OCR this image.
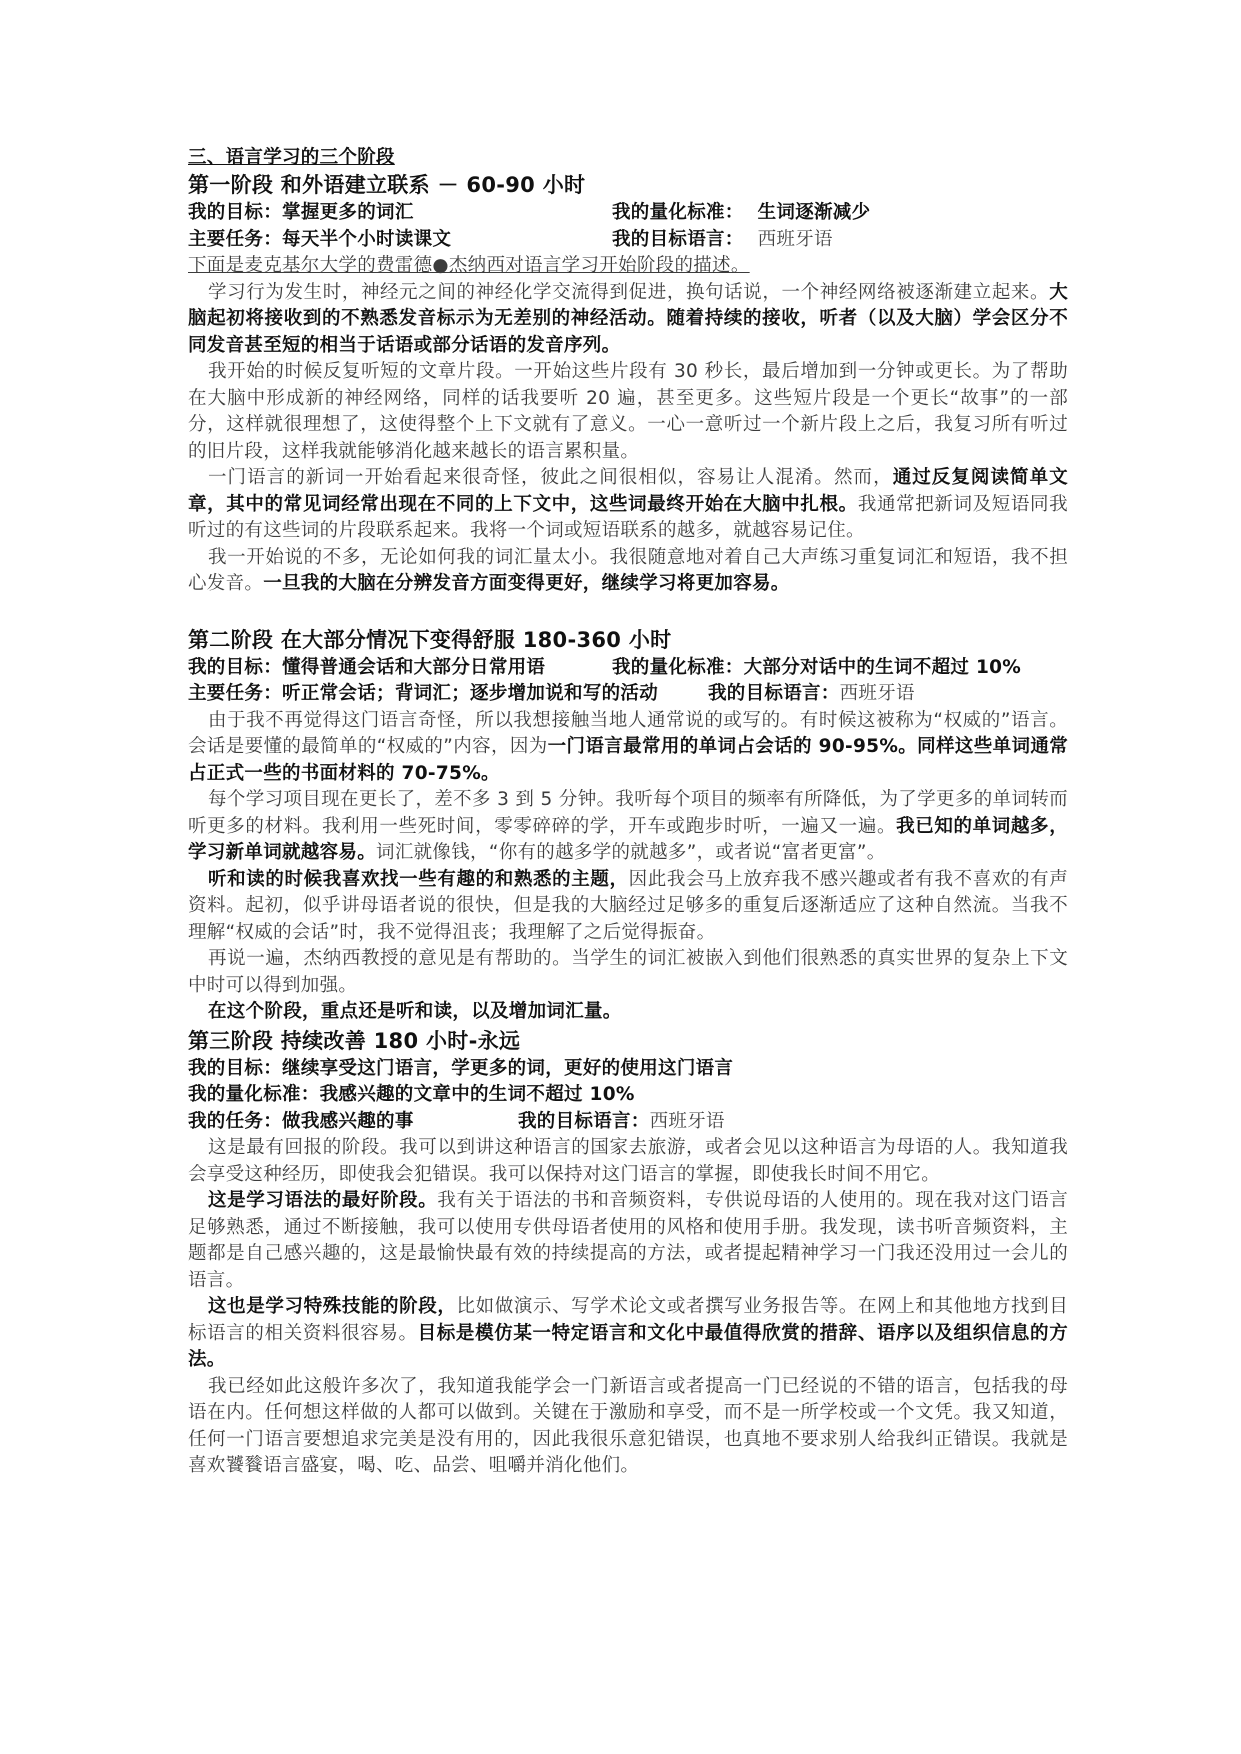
三、语言学习的三个阶段

第一阶段 和外语建立联系 － 60-90 小时

我的目标：掌握更多的词汇	我的量化标准： 生词逐渐减少
主要任务：每天半个小时读课文	我的目标语言： 西班牙语

下面是麦克基尔大学的费雷德●杰纳西对语言学习开始阶段的描述。

学习行为发生时，神经元之间的神经化学交流得到促进，换句话说，一个神经网络被逐渐建立起来。大脑起初将接收到的不熟悉发音标示为无差别的神经活动。随着持续的接收，听者（以及大脑）学会区分不同发音甚至短的相当于话语或部分话语的发音序列。

我开始的时候反复听短的文章片段。一开始这些片段有 30 秒长，最后增加到一分钟或更长。为了帮助在大脑中形成新的神经网络，同样的话我要听 20 遍，甚至更多。这些短片段是一个更长“故事”的一部分，这样就很理想了，这使得整个上下文就有了意义。一心一意听过一个新片段上之后，我复习所有听过的旧片段，这样我就能够消化越来越长的语言累积量。

一门语言的新词一开始看起来很奇怪，彼此之间很相似，容易让人混淆。然而，通过反复阅读简单文章，其中的常见词经常出现在不同的上下文中，这些词最终开始在大脑中扎根。我通常把新词及短语同我听过的有这些词的片段联系起来。我将一个词或短语联系的越多，就越容易记住。

我一开始说的不多，无论如何我的词汇量太小。我很随意地对着自己大声练习重复词汇和短语，我不担心发音。一旦我的大脑在分辨发音方面变得更好，继续学习将更加容易。

第二阶段 在大部分情况下变得舒服 180-360 小时

我的目标：懂得普通会话和大部分日常用语	我的量化标准：大部分对话中的生词不超过 10%
主要任务：听正常会话；背词汇；逐步增加说和写的活动	我的目标语言：西班牙语

由于我不再觉得这门语言奇怪，所以我想接触当地人通常说的或写的。有时候这被称为“权威的”语言。会话是要懂的最简单的“权威的”内容，因为一门语言最常用的单词占会话的 90-95%。同样这些单词通常占正式一些的书面材料的 70-75%。

每个学习项目现在更长了，差不多 3 到 5 分钟。我听每个项目的频率有所降低，为了学更多的单词转而听更多的材料。我利用一些死时间，零零碎碎的学，开车或跑步时听，一遍又一遍。我已知的单词越多，学习新单词就越容易。词汇就像钱，“你有的越多学的就越多”，或者说“富者更富”。

听和读的时候我喜欢找一些有趣的和熟悉的主题，因此我会马上放弃我不感兴趣或者有我不喜欢的有声资料。起初，似乎讲母语者说的很快，但是我的大脑经过足够多的重复后逐渐适应了这种自然流。当我不理解“权威的会话”时，我不觉得沮丧；我理解了之后觉得振奋。

再说一遍，杰纳西教授的意见是有帮助的。当学生的词汇被嵌入到他们很熟悉的真实世界的复杂上下文中时可以得到加强。

在这个阶段，重点还是听和读，以及增加词汇量。

第三阶段 持续改善 180 小时-永远

我的目标：继续享受这门语言，学更多的词，更好的使用这门语言
我的量化标准：我感兴趣的文章中的生词不超过 10%
我的任务：做我感兴趣的事	我的目标语言：西班牙语

这是最有回报的阶段。我可以到讲这种语言的国家去旅游，或者会见以这种语言为母语的人。我知道我会享受这种经历，即使我会犯错误。我可以保持对这门语言的掌握，即使我长时间不用它。

这是学习语法的最好阶段。我有关于语法的书和音频资料，专供说母语的人使用的。现在我对这门语言足够熟悉，通过不断接触，我可以使用专供母语者使用的风格和使用手册。我发现，读书听音频资料，主题都是自己感兴趣的，这是最愉快最有效的持续提高的方法，或者提起精神学习一门我还没用过一会儿的语言。

这也是学习特殊技能的阶段，比如做演示、写学术论文或者撰写业务报告等。在网上和其他地方找到目标语言的相关资料很容易。目标是模仿某一特定语言和文化中最值得欣赏的措辞、语序以及组织信息的方法。

我已经如此这般许多次了，我知道我能学会一门新语言或者提高一门已经说的不错的语言，包括我的母语在内。任何想这样做的人都可以做到。关键在于激励和享受，而不是一所学校或一个文凭。我又知道，任何一门语言要想追求完美是没有用的，因此我很乐意犯错误，也真地不要求别人给我纠正错误。我就是喜欢饕餮语言盛宴，喝、吃、品尝、咀嚼并消化他们。
